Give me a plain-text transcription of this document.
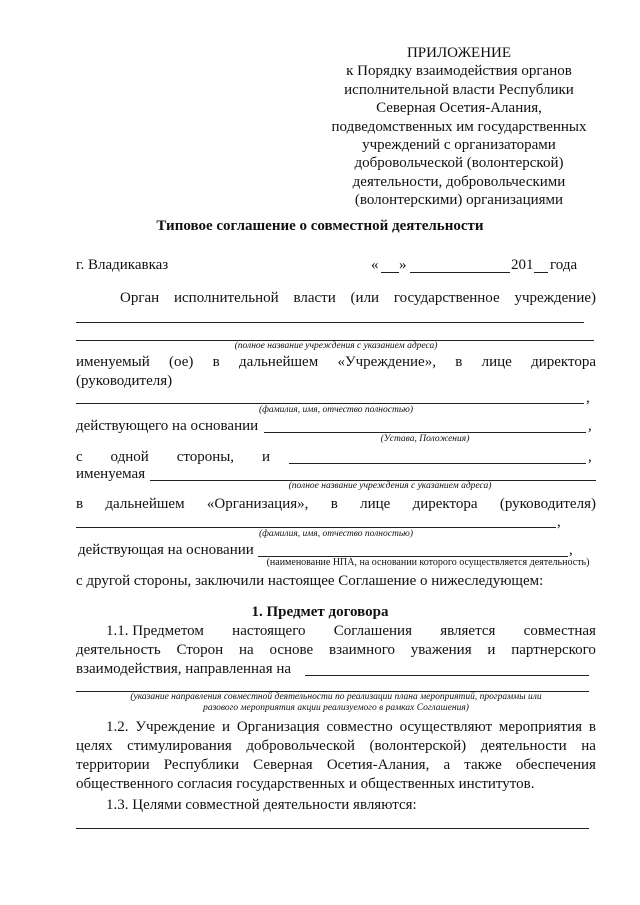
ПРИЛОЖЕНИЕ
к Порядку взаимодействия органов
исполнительной власти Республики
Северная Осетия-Алания,
подведомственных им государственных
учреждений с организаторами
добровольческой (волонтерской)
деятельности, добровольческими
(волонтерскими) организациями
Типовое соглашение о совместной деятельности
г. Владикавказ	« »	201 года
Орган исполнительной власти (или государственное учреждение)
(полное название учреждения с указанием адреса)
именуемый (ое) в дальнейшем «Учреждение», в лице директора
(руководителя)
,
(фамилия, имя, отчество полностью)
действующего на основании	,
(Устава, Положения)
с одной стороны, и	,
именуемая
(полное название учреждения с указанием адреса)
в дальнейшем «Организация», в лице директора (руководителя)
,
(фамилия, имя, отчество полностью)
действующая на основании	,
(наименование НПА, на основании которого осуществляется деятельность)
с другой стороны, заключили настоящее Соглашение о нижеследующем:
1. Предмет договора
1.1. Предметом настоящего Соглашения является совместная
деятельность Сторон на основе взаимного уважения и партнерского
взаимодействия, направленная на
(указание направления совместной деятельности по реализации плана мероприятий, программы или
разового мероприятия акции реализуемого в рамках Соглашения)
1.2. Учреждение и Организация совместно осуществляют мероприятия в
целях стимулирования добровольческой (волонтерской) деятельности на
территории Республики Северная Осетия-Алания, а также обеспечения
общественного согласия государственных и общественных институтов.
1.3. Целями совместной деятельности являются:
